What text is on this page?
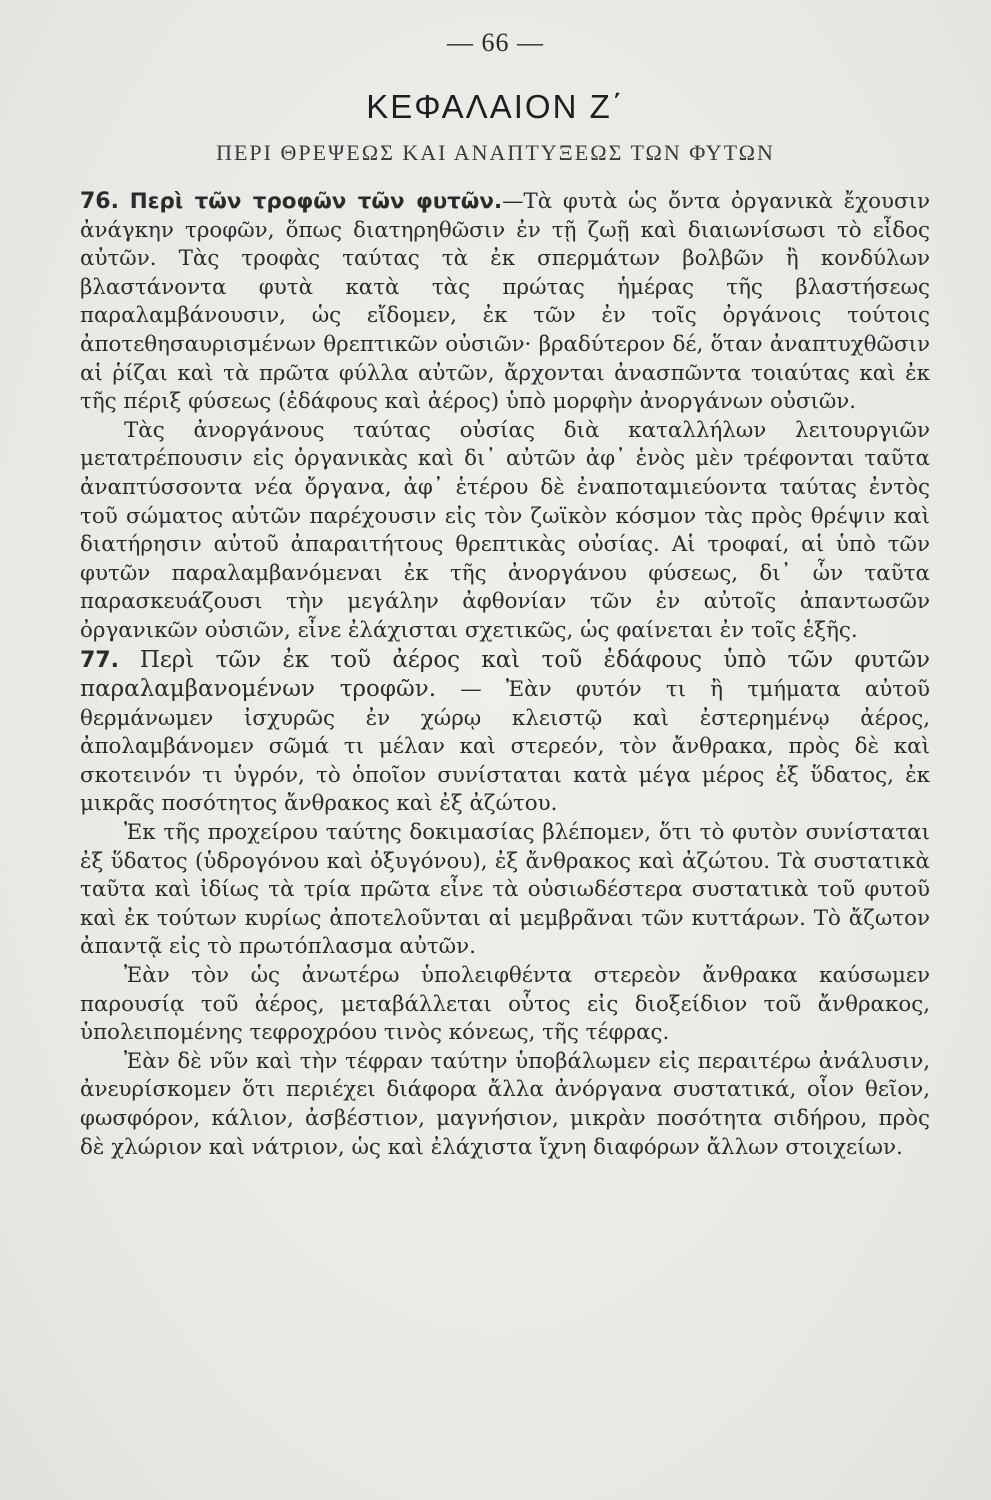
— 66 —
ΚΕΦΑΛΑΙΟΝ Ζ΄
ΠΕΡΙ ΘΡΕΨΕΩΣ ΚΑΙ ΑΝΑΠΤΥΞΕΩΣ ΤΩΝ ΦΥΤΩΝ

76. Περὶ τῶν τροφῶν τῶν φυτῶν.—Τὰ φυτὰ ὡς ὄντα ὀργανικὰ ἔχουσιν ἀνάγκην τροφῶν, ὅπως διατηρηθῶσιν ἐν τῇ ζωῇ καὶ διαιωνίσωσι τὸ εἶδος αὐτῶν. Τὰς τροφὰς ταύτας τὰ ἐκ σπερμάτων βολβῶν ἢ κονδύλων βλαστάνοντα φυτὰ κατὰ τὰς πρώτας ἡμέρας τῆς βλαστήσεως παραλαμβάνουσιν, ὡς εἴδομεν, ἐκ τῶν ἐν τοῖς ὀργάνοις τούτοις ἀποτεθησαυρισμένων θρεπτικῶν οὐσιῶν· βραδύτερον δέ, ὅταν ἀναπτυχθῶσιν αἱ ῥίζαι καὶ τὰ πρῶτα φύλλα αὐτῶν, ἄρχονται ἀνασπῶντα τοιαύτας καὶ ἐκ τῆς πέριξ φύσεως (ἐδάφους καὶ ἀέρος) ὑπὸ μορφὴν ἀνοργάνων οὐσιῶν.

Τὰς ἀνοργάνους ταύτας οὐσίας διὰ καταλλήλων λειτουργιῶν μετατρέπουσιν εἰς ὀργανικὰς καὶ δι᾿ αὐτῶν ἀφ᾿ ἑνὸς μὲν τρέφονται ταῦτα ἀναπτύσσοντα νέα ὄργανα, ἀφ᾿ ἑτέρου δὲ ἐναποταμιεύοντα ταύτας ἐντὸς τοῦ σώματος αὐτῶν παρέχουσιν εἰς τὸν ζωϊκὸν κόσμον τὰς πρὸς θρέψιν καὶ διατήρησιν αὐτοῦ ἀπαραιτήτους θρεπτικὰς οὐσίας. Αἱ τροφαί, αἱ ὑπὸ τῶν φυτῶν παραλαμβανόμεναι ἐκ τῆς ἀνοργάνου φύσεως, δι᾿ ὧν ταῦτα παρασκευάζουσι τὴν μεγάλην ἀφθονίαν τῶν ἐν αὐτοῖς ἀπαντωσῶν ὀργανικῶν οὐσιῶν, εἶνε ἐλάχισται σχετικῶς, ὡς φαίνεται ἐν τοῖς ἑξῆς.

77. Περὶ τῶν ἐκ τοῦ ἀέρος καὶ τοῦ ἐδάφους ὑπὸ τῶν φυτῶν παραλαμβανομένων τροφῶν. — Ἐὰν φυτόν τι ἢ τμήματα αὐτοῦ θερμάνωμεν ἰσχυρῶς ἐν χώρῳ κλειστῷ καὶ ἐστερημένῳ ἀέρος, ἀπολαμβάνομεν σῶμά τι μέλαν καὶ στερεόν, τὸν ἄνθρακα, πρὸς δὲ καὶ σκοτεινόν τι ὑγρόν, τὸ ὁποῖον συνίσταται κατὰ μέγα μέρος ἐξ ὕδατος, ἐκ μικρᾶς ποσότητος ἄνθρακος καὶ ἐξ ἀζώτου.

Ἐκ τῆς προχείρου ταύτης δοκιμασίας βλέπομεν, ὅτι τὸ φυτὸν συνίσταται ἐξ ὕδατος (ὑδρογόνου καὶ ὀξυγόνου), ἐξ ἄνθρακος καὶ ἀζώτου. Τὰ συστατικὰ ταῦτα καὶ ἰδίως τὰ τρία πρῶτα εἶνε τὰ οὐσιωδέστερα συστατικὰ τοῦ φυτοῦ καὶ ἐκ τούτων κυρίως ἀποτελοῦνται αἱ μεμβρᾶναι τῶν κυττάρων. Τὸ ἄζωτον ἀπαντᾷ εἰς τὸ πρωτόπλασμα αὐτῶν.

Ἐὰν τὸν ὡς ἀνωτέρω ὑπολειφθέντα στερεὸν ἄνθρακα καύσωμεν παρουσίᾳ τοῦ ἀέρος, μεταβάλλεται οὗτος εἰς διοξείδιον τοῦ ἄνθρακος, ὑπολειπομένης τεφροχρόου τινὸς κόνεως, τῆς τέφρας.

Ἐὰν δὲ νῦν καὶ τὴν τέφραν ταύτην ὑποβάλωμεν εἰς περαιτέρω ἀνάλυσιν, ἀνευρίσκομεν ὅτι περιέχει διάφορα ἄλλα ἀνόργανα συστατικά, οἷον θεῖον, φωσφόρον, κάλιον, ἀσβέστιον, μαγνήσιον, μικρὰν ποσότητα σιδήρου, πρὸς δὲ χλώριον καὶ νάτριον, ὡς καὶ ἐλάχιστα ἴχνη διαφόρων ἄλλων στοιχείων.
